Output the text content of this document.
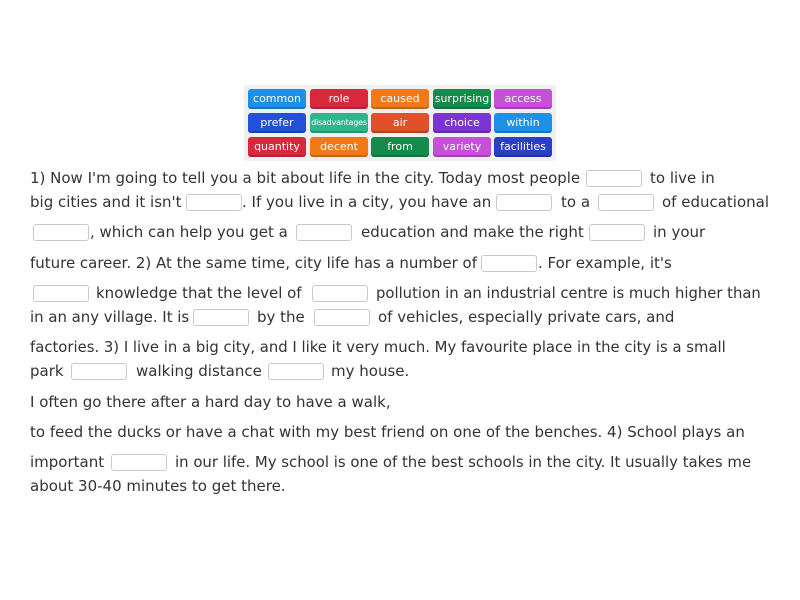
common	role	caused	surprising	access
prefer	disadvantages	air	choice	within
quantity	decent	from	variety	facilities
1) Now I'm going to tell you a bit about life in the city. Today most people	to live in
big cities and it isn't	. If you live in a city, you have an	to a	of educational
, which can help you get a	education and make the right	in your
future career. 2) At the same time, city life has a number of	. For example, it's
knowledge that the level of	pollution in an industrial centre is much higher than
in an any village. It is	by the	of vehicles, especially private cars, and
factories. 3) I live in a big city, and I like it very much. My favourite place in the city is a small
park	walking distance	my house.
I often go there after a hard day to have a walk,
to feed the ducks or have a chat with my best friend on one of the benches. 4) School plays an
important	in our life. My school is one of the best schools in the city. It usually takes me
about 30-40 minutes to get there.
